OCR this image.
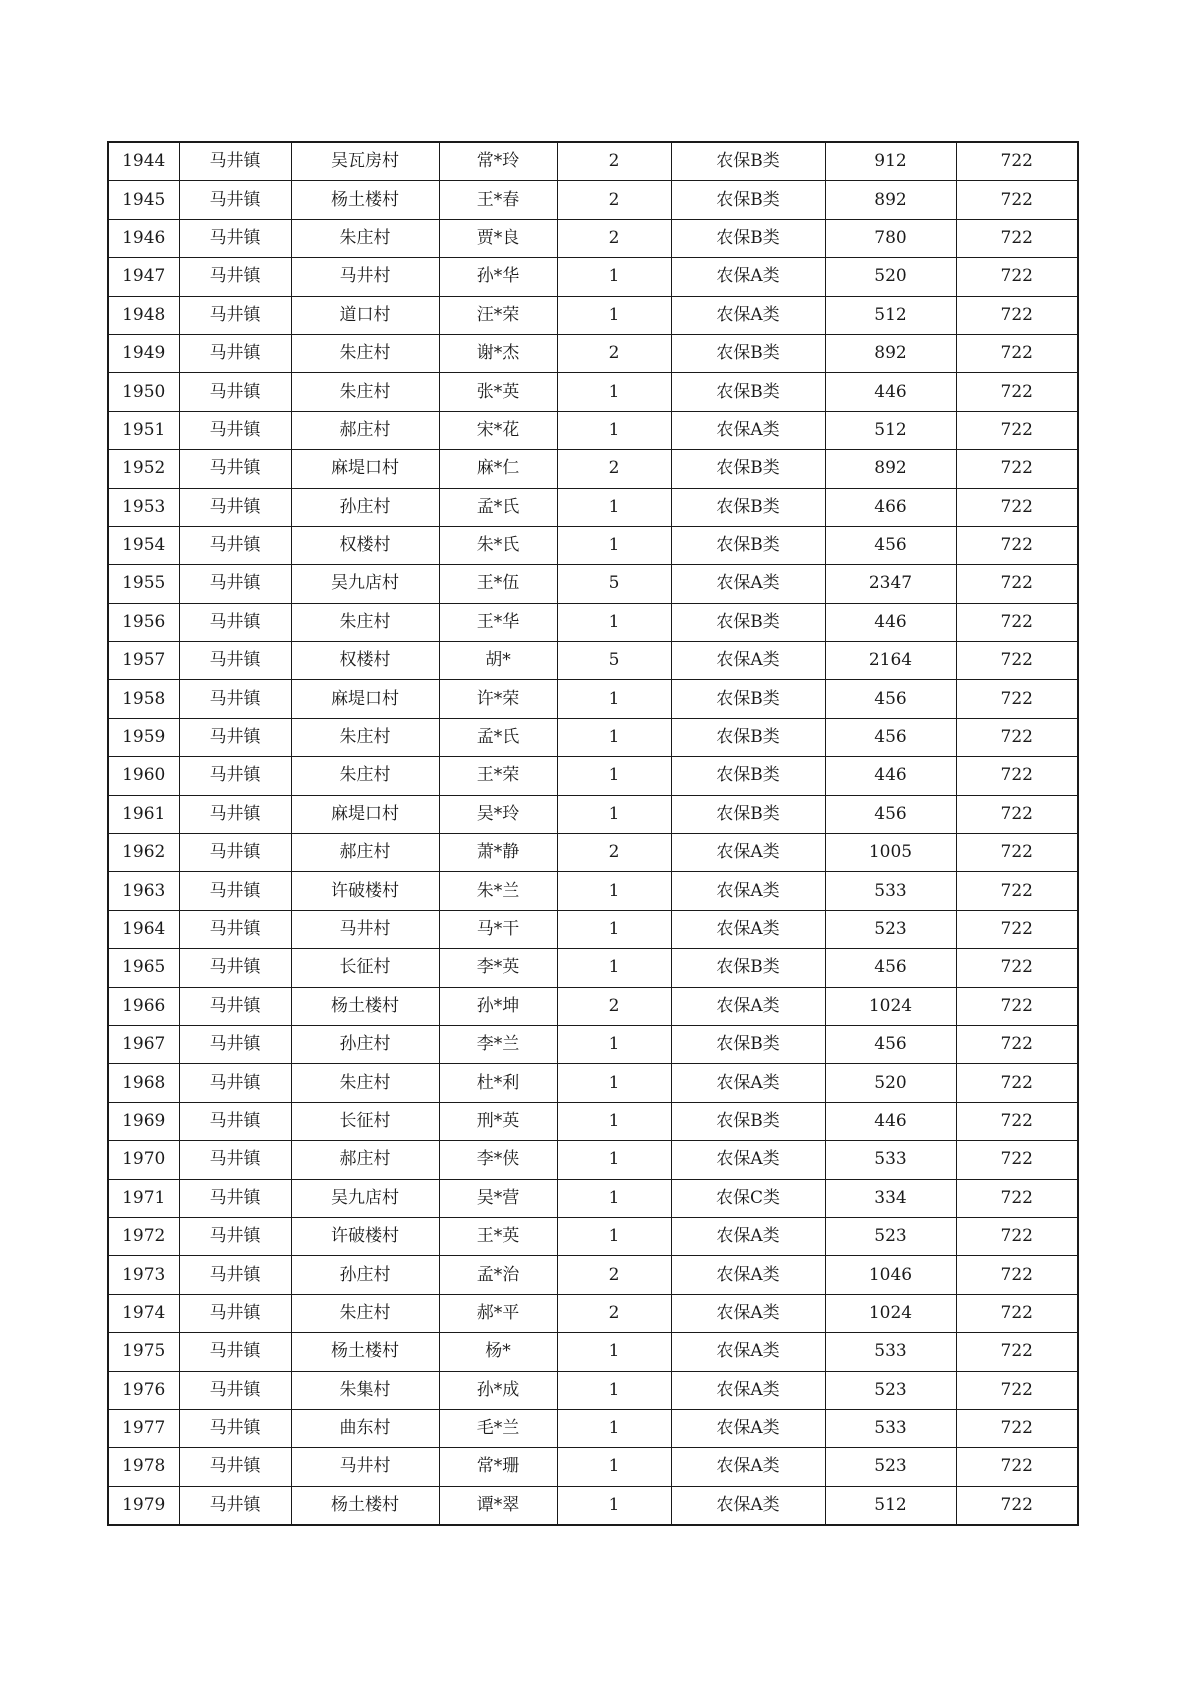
1944	马井镇	吴瓦房村	常*玲	2	农保B类	912	722
1945	马井镇	杨土楼村	王*春	2	农保B类	892	722
1946	马井镇	朱庄村	贾*良	2	农保B类	780	722
1947	马井镇	马井村	孙*华	1	农保A类	520	722
1948	马井镇	道口村	汪*荣	1	农保A类	512	722
1949	马井镇	朱庄村	谢*杰	2	农保B类	892	722
1950	马井镇	朱庄村	张*英	1	农保B类	446	722
1951	马井镇	郝庄村	宋*花	1	农保A类	512	722
1952	马井镇	麻堤口村	麻*仁	2	农保B类	892	722
1953	马井镇	孙庄村	孟*氏	1	农保B类	466	722
1954	马井镇	权楼村	朱*氏	1	农保B类	456	722
1955	马井镇	吴九店村	王*伍	5	农保A类	2347	722
1956	马井镇	朱庄村	王*华	1	农保B类	446	722
1957	马井镇	权楼村	胡*	5	农保A类	2164	722
1958	马井镇	麻堤口村	许*荣	1	农保B类	456	722
1959	马井镇	朱庄村	孟*氏	1	农保B类	456	722
1960	马井镇	朱庄村	王*荣	1	农保B类	446	722
1961	马井镇	麻堤口村	吴*玲	1	农保B类	456	722
1962	马井镇	郝庄村	萧*静	2	农保A类	1005	722
1963	马井镇	许破楼村	朱*兰	1	农保A类	533	722
1964	马井镇	马井村	马*干	1	农保A类	523	722
1965	马井镇	长征村	李*英	1	农保B类	456	722
1966	马井镇	杨土楼村	孙*坤	2	农保A类	1024	722
1967	马井镇	孙庄村	李*兰	1	农保B类	456	722
1968	马井镇	朱庄村	杜*利	1	农保A类	520	722
1969	马井镇	长征村	刑*英	1	农保B类	446	722
1970	马井镇	郝庄村	李*侠	1	农保A类	533	722
1971	马井镇	吴九店村	吴*营	1	农保C类	334	722
1972	马井镇	许破楼村	王*英	1	农保A类	523	722
1973	马井镇	孙庄村	孟*治	2	农保A类	1046	722
1974	马井镇	朱庄村	郝*平	2	农保A类	1024	722
1975	马井镇	杨土楼村	杨*	1	农保A类	533	722
1976	马井镇	朱集村	孙*成	1	农保A类	523	722
1977	马井镇	曲东村	毛*兰	1	农保A类	533	722
1978	马井镇	马井村	常*珊	1	农保A类	523	722
1979	马井镇	杨土楼村	谭*翠	1	农保A类	512	722
